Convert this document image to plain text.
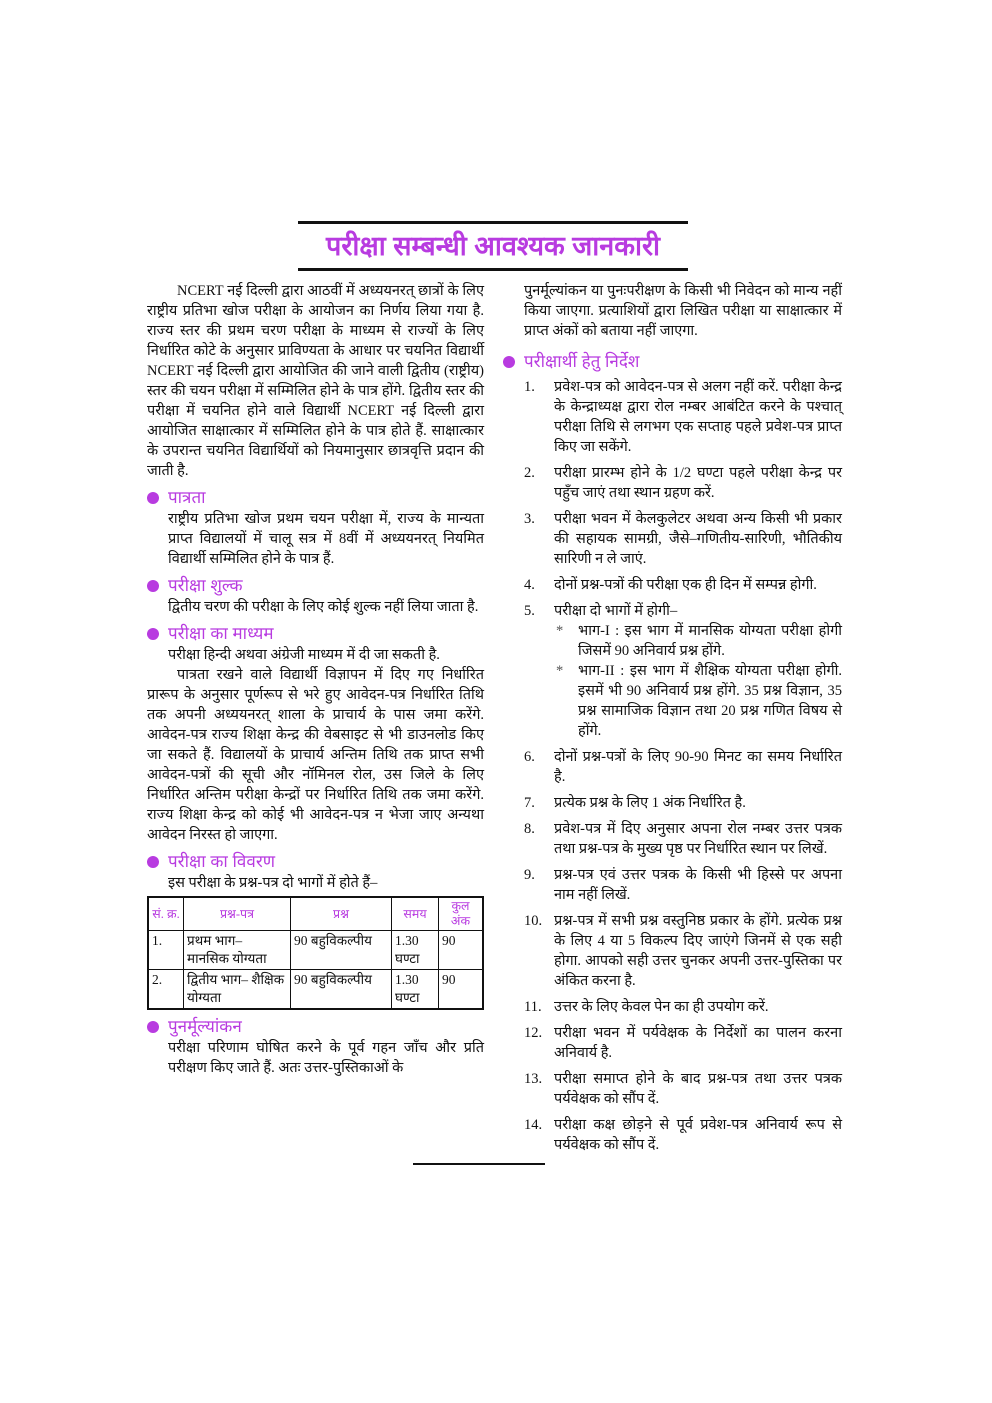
परीक्षा सम्बन्धी आवश्यक जानकारी

NCERT नई दिल्ली द्वारा आठवीं में अध्ययनरत् छात्रों के लिए राष्ट्रीय प्रतिभा खोज परीक्षा के आयोजन का निर्णय लिया गया है. राज्य स्तर की प्रथम चरण परीक्षा के माध्यम से राज्यों के लिए निर्धारित कोटे के अनुसार प्राविण्यता के आधार पर चयनित विद्यार्थी NCERT नई दिल्ली द्वारा आयोजित की जाने वाली द्वितीय (राष्ट्रीय) स्तर की चयन परीक्षा में सम्मिलित होने के पात्र होंगे. द्वितीय स्तर की परीक्षा में चयनित होने वाले विद्यार्थी NCERT नई दिल्ली द्वारा आयोजित साक्षात्कार में सम्मिलित होने के पात्र होते हैं. साक्षात्कार के उपरान्त चयनित विद्यार्थियों को नियमानुसार छात्रवृत्ति प्रदान की जाती है.

पात्रता

राष्ट्रीय प्रतिभा खोज प्रथम चयन परीक्षा में, राज्य के मान्यता प्राप्त विद्यालयों में चालू सत्र में 8वीं में अध्ययनरत् नियमित विद्यार्थी सम्मिलित होने के पात्र हैं.

परीक्षा शुल्क

द्वितीय चरण की परीक्षा के लिए कोई शुल्क नहीं लिया जाता है.

परीक्षा का माध्यम

परीक्षा हिन्दी अथवा अंग्रेजी माध्यम में दी जा सकती है.

पात्रता रखने वाले विद्यार्थी विज्ञापन में दिए गए निर्धारित प्रारूप के अनुसार पूर्णरूप से भरे हुए आवेदन-पत्र निर्धारित तिथि तक अपनी अध्ययनरत् शाला के प्राचार्य के पास जमा करेंगे. आवेदन-पत्र राज्य शिक्षा केन्द्र की वेबसाइट से भी डाउनलोड किए जा सकते हैं. विद्यालयों के प्राचार्य अन्तिम तिथि तक प्राप्त सभी आवेदन-पत्रों की सूची और नॉमिनल रोल, उस जिले के लिए निर्धारित अन्तिम परीक्षा केन्द्रों पर निर्धारित तिथि तक जमा करेंगे. राज्य शिक्षा केन्द्र को कोई भी आवेदन-पत्र न भेजा जाए अन्यथा आवेदन निरस्त हो जाएगा.

परीक्षा का विवरण

इस परीक्षा के प्रश्न-पत्र दो भागों में होते हैं–

सं. क्र.	प्रश्न-पत्र	प्रश्न	समय	कुल अंक
1.	प्रथम भाग– मानसिक योग्यता	90 बहुविकल्पीय	1.30 घण्टा	90
2.	द्वितीय भाग– शैक्षिक योग्यता	90 बहुविकल्पीय	1.30 घण्टा	90
पुनर्मूल्यांकन

परीक्षा परिणाम घोषित करने के पूर्व गहन जाँच और प्रति परीक्षण किए जाते हैं. अतः उत्तर-पुस्तिकाओं के

पुनर्मूल्यांकन या पुनःपरीक्षण के किसी भी निवेदन को मान्य नहीं किया जाएगा. प्रत्याशियों द्वारा लिखित परीक्षा या साक्षात्कार में प्राप्त अंकों को बताया नहीं जाएगा.

परीक्षार्थी हेतु निर्देश
1.	प्रवेश-पत्र को आवेदन-पत्र से अलग नहीं करें. परीक्षा केन्द्र के केन्द्राध्यक्ष द्वारा रोल नम्बर आबंटित करने के पश्चात् परीक्षा तिथि से लगभग एक सप्ताह पहले प्रवेश-पत्र प्राप्त किए जा सकेंगे.
2.	परीक्षा प्रारम्भ होने के 1/2 घण्टा पहले परीक्षा केन्द्र पर पहुँच जाएं तथा स्थान ग्रहण करें.
3.	परीक्षा भवन में केलकुलेटर अथवा अन्य किसी भी प्रकार की सहायक सामग्री, जैसे–गणितीय-सारिणी, भौतिकीय सारिणी न ले जाएं.
4.	दोनों प्रश्न-पत्रों की परीक्षा एक ही दिन में सम्पन्न होगी.
5.	परीक्षा दो भागों में होगी–
*	भाग-I : इस भाग में मानसिक योग्यता परीक्षा होगी जिसमें 90 अनिवार्य प्रश्न होंगे.
*	भाग-II : इस भाग में शैक्षिक योग्यता परीक्षा होगी. इसमें भी 90 अनिवार्य प्रश्न होंगे. 35 प्रश्न विज्ञान, 35 प्रश्न सामाजिक विज्ञान तथा 20 प्रश्न गणित विषय से होंगे.
6.	दोनों प्रश्न-पत्रों के लिए 90-90 मिनट का समय निर्धारित है.
7.	प्रत्येक प्रश्न के लिए 1 अंक निर्धारित है.
8.	प्रवेश-पत्र में दिए अनुसार अपना रोल नम्बर उत्तर पत्रक तथा प्रश्न-पत्र के मुख्य पृष्ठ पर निर्धारित स्थान पर लिखें.
9.	प्रश्न-पत्र एवं उत्तर पत्रक के किसी भी हिस्से पर अपना नाम नहीं लिखें.
10. प्रश्न-पत्र में सभी प्रश्न वस्तुनिष्ठ प्रकार के होंगे. प्रत्येक प्रश्न के लिए 4 या 5 विकल्प दिए जाएंगे जिनमें से एक सही होगा. आपको सही उत्तर चुनकर अपनी उत्तर-पुस्तिका पर अंकित करना है.
11. उत्तर के लिए केवल पेन का ही उपयोग करें.
12. परीक्षा भवन में पर्यवेक्षक के निर्देशों का पालन करना अनिवार्य है.
13. परीक्षा समाप्त होने के बाद प्रश्न-पत्र तथा उत्तर पत्रक पर्यवेक्षक को सौंप दें.
14. परीक्षा कक्ष छोड़ने से पूर्व प्रवेश-पत्र अनिवार्य रूप से पर्यवेक्षक को सौंप दें.
